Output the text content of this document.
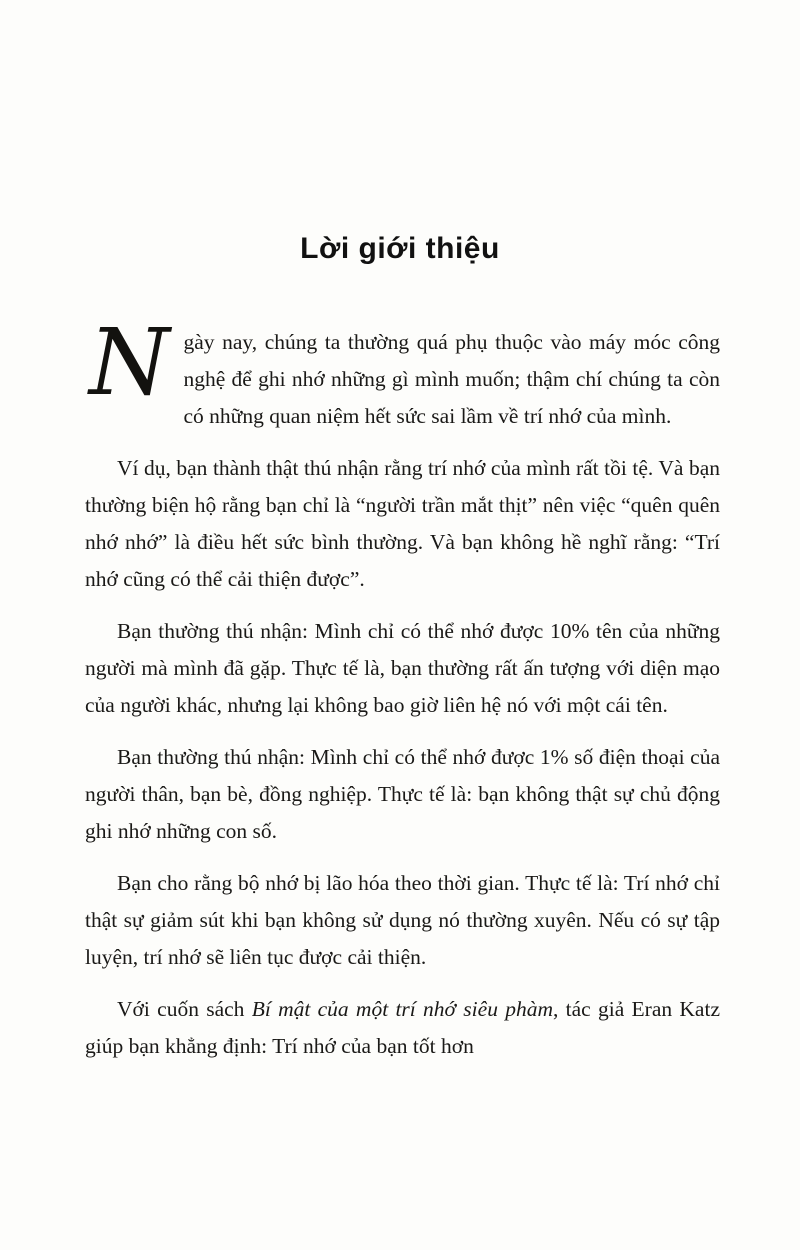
Lời giới thiệu

Ngày nay, chúng ta thường quá phụ thuộc vào máy móc công nghệ để ghi nhớ những gì mình muốn; thậm chí chúng ta còn có những quan niệm hết sức sai lầm về trí nhớ của mình.

Ví dụ, bạn thành thật thú nhận rằng trí nhớ của mình rất tồi tệ. Và bạn thường biện hộ rằng bạn chỉ là “người trần mắt thịt” nên việc “quên quên nhớ nhớ” là điều hết sức bình thường. Và bạn không hề nghĩ rằng: “Trí nhớ cũng có thể cải thiện được”.

Bạn thường thú nhận: Mình chỉ có thể nhớ được 10% tên của những người mà mình đã gặp. Thực tế là, bạn thường rất ấn tượng với diện mạo của người khác, nhưng lại không bao giờ liên hệ nó với một cái tên.

Bạn thường thú nhận: Mình chỉ có thể nhớ được 1% số điện thoại của người thân, bạn bè, đồng nghiệp. Thực tế là: bạn không thật sự chủ động ghi nhớ những con số.

Bạn cho rằng bộ nhớ bị lão hóa theo thời gian. Thực tế là: Trí nhớ chỉ thật sự giảm sút khi bạn không sử dụng nó thường xuyên. Nếu có sự tập luyện, trí nhớ sẽ liên tục được cải thiện.

Với cuốn sách Bí mật của một trí nhớ siêu phàm, tác giả Eran Katz giúp bạn khẳng định: Trí nhớ của bạn tốt hơn
